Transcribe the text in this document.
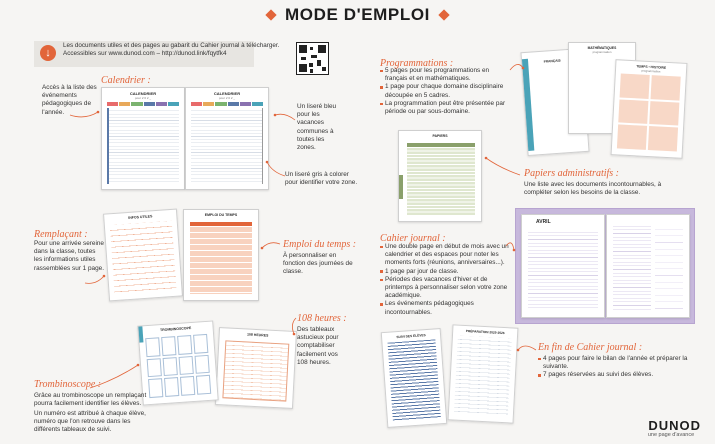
MODE D'EMPLOI
↓
Les documents utiles et des pages au gabarit du Cahier journal à télécharger.
Accessibles sur www.dunod.com – http://dunod.link/fqytfk4
Calendrier :
Accès à la liste des événements pédagogiques de l'année.
CALENDRIER
pour 2 0 2 _
CALENDRIER
pour 2 0 2 _
Un liseré bleu pour les vacances communes à toutes les zones.
Un liseré gris à colorer pour identifier votre zone.
Remplaçant :
Pour une arrivée sereine dans la classe, toutes les informations utiles rassemblées sur 1 page.
INFOS UTILES	EMPLOI DU TEMPS
Emploi du temps :
À personnaliser en fonction des journées de classe.
108 heures :
Des tableaux astucieux pour comptabiliser facilement vos 108 heures.
108 HEURES
TROMBINOSCOPE
Trombinoscope :
Grâce au trombinoscope un remplaçant pourra facilement identifier les élèves.
Un numéro est attribué à chaque élève, numéro que l'on retrouve dans les différents tableaux de suivi.
Programmations :
5 pages pour les programmations en français et en mathématiques.
1 page pour chaque domaine disciplinaire découpée en 5 cadres.
La programmation peut être présentée par période ou par sous-domaine.
FRANÇAIS
MATHÉMATIQUES
programmation
TEMPS • HISTOIRE
programmation
PAPIERS
Papiers administratifs :
Une liste avec les documents incontournables, à compléter selon les besoins de la classe.
Cahier journal :
Une double page en début de mois avec un calendrier et des espaces pour noter les moments forts (réunions, anniversaires...).
1 page par jour de classe.
Périodes des vacances d'hiver et de printemps à personnaliser selon votre zone académique.
Les événements pédagogiques incontournables.
AVRIL
SUIVI DES ÉLÈVES
PRÉPARATION 2025-2026
En fin de Cahier journal :
4 pages pour faire le bilan de l'année et préparer la suivante.
7 pages réservées au suivi des élèves.
DUNOD
une page d'avance
